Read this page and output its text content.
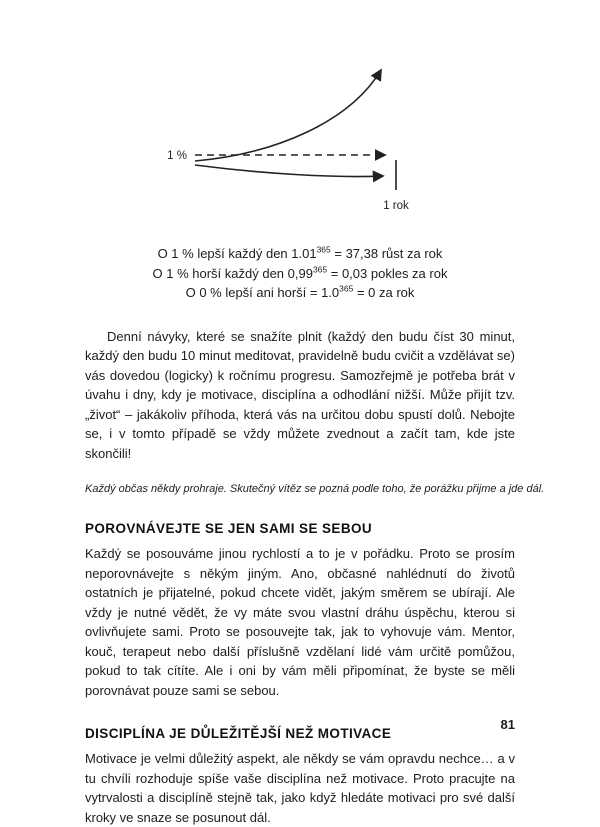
1 %
1 rok
O 1 % lepší každý den $1.01^{365} = 37,38$ růst za rok
O 1 % horší každý den $0,99^{365} = 0,03$ pokles za rok
O 0 % lepší ani horší = $1.0^{365} = 0$ za rok

Denní návyky, které se snažíte plnit (každý den budu číst 30 minut, každý den budu 10 minut meditovat, pravidelně budu cvičit a vzdělávat se) vás dovedou (logicky) k ročnímu progresu. Samozřejmě je potřeba brát v úvahu i dny, kdy je motivace, disciplína a odhodlání nižší. Může přijít tzv. „život“ – jakákoliv příhoda, která vás na určitou dobu spustí dolů. Nebojte se, i v tomto případě se vždy můžete zvednout a začít tam, kde jste skončili!

Každý občas někdy prohraje. Skutečný vítěz se pozná podle toho, že porážku přijme a jde dál.

POROVNÁVEJTE SE JEN SAMI SE SEBOU

Každý se posouváme jinou rychlostí a to je v pořádku. Proto se prosím neporovnávejte s někým jiným. Ano, občasné nahlédnutí do životů ostatních je přijatelné, pokud chcete vidět, jakým směrem se ubírají. Ale vždy je nutné vědět, že vy máte svou vlastní dráhu úspěchu, kterou si ovlivňujete sami. Proto se posouvejte tak, jak to vyhovuje vám. Mentor, kouč, terapeut nebo další příslušně vzdělaní lidé vám určitě pomůžou, pokud to tak cítíte. Ale i oni by vám měli připomínat, že byste se měli porovnávat pouze sami se sebou.

DISCIPLÍNA JE DŮLEŽITĚJŠÍ NEŽ MOTIVACE

Motivace je velmi důležitý aspekt, ale někdy se vám opravdu nechce… a v tu chvíli rozhoduje spíše vaše disciplína než motivace. Proto pracujte na vytrvalosti a disciplíně stejně tak, jako když hledáte motivaci pro své další kroky ve snaze se posunout dál.

81
